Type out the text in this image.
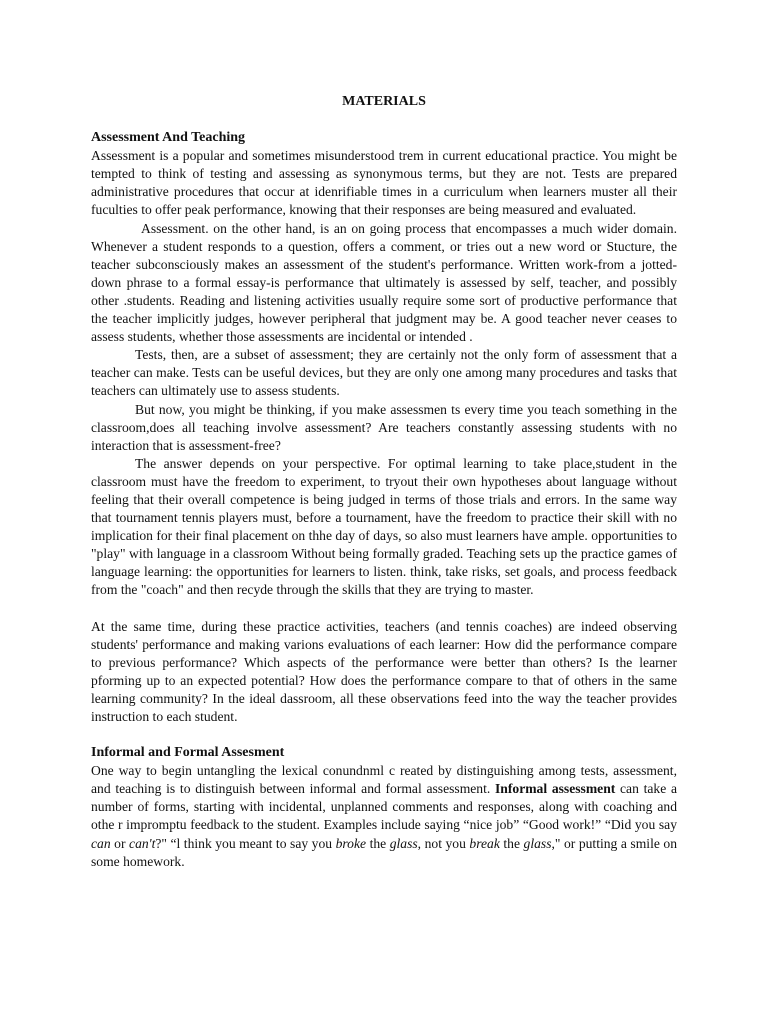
MATERIALS
Assessment And Teaching

Assessment is a popular and sometimes misunderstood trem in current educational practice. You might be tempted to think of testing and assessing as synonymous terms, but they are not. Tests are prepared administrative procedures that occur at idenrifiable times in a curriculum when learners muster all their fuculties to offer peak performance, knowing that their responses are being measured and evaluated.

Assessment. on the other hand, is an on going process that encompasses a much wider domain. Whenever a student responds to a question, offers a comment, or tries out a new word or Stucture, the teacher subconsciously makes an assessment of the student's performance. Written work-from a jotted-down phrase to a formal essay-is performance that ultimately is assessed by self, teacher, and possibly other .students. Reading and listening activities usually require some sort of productive performance that the teacher implicitly judges, however peripheral that judgment may be. A good teacher never ceases to assess students, whether those assessments are incidental or intended .

Tests, then, are a subset of assessment; they are certainly not the only form of assessment that a teacher can make. Tests can be useful devices, but they are only one among many procedures and tasks that teachers can ultimately use to assess students.

But now, you might be thinking, if you make assessmen ts every time you teach something in the classroom,does all teaching involve assessment? Are teachers constantly assessing students with no interaction that is assessment-free?

The answer depends on your perspective. For optimal learning to take place,student in the classroom must have the freedom to experiment, to tryout their own hypotheses about language without feeling that their overall competence is being judged in terms of those trials and errors. In the same way that tournament tennis players must, before a tournament, have the freedom to practice their skill with no implication for their final placement on thhe day of days, so also must learners have ample. opportunities to "play" with language in a classroom Without being formally graded. Teaching sets up the practice games of language learning: the opportunities for learners to listen. think, take risks, set goals, and process feedback from the "coach" and then recyde through the skills that they are trying to master.

At the same time, during these practice activities, teachers (and tennis coaches) are indeed observing students' performance and making varions evaluations of each learner: How did the performance compare to previous performance? Which aspects of the performance were better than others? Is the learner pforming up to an expected potential? How does the performance compare to that of others in the same learning community? In the ideal dassroom, all these observations feed into the way the teacher provides instruction to each student.

Informal and Formal Assesment

One way to begin untangling the lexical conundnml c reated by distinguishing among tests, assessment, and teaching is to distinguish between informal and formal assessment. Informal assessment can take a number of forms, starting with incidental, unplanned comments and responses, along with coaching and othe r impromptu feedback to the student. Examples include saying “nice job” “Good work!” “Did you say can or can't?" “l think you meant to say you broke the glass, not you break the glass," or putting a smile on some homework.
